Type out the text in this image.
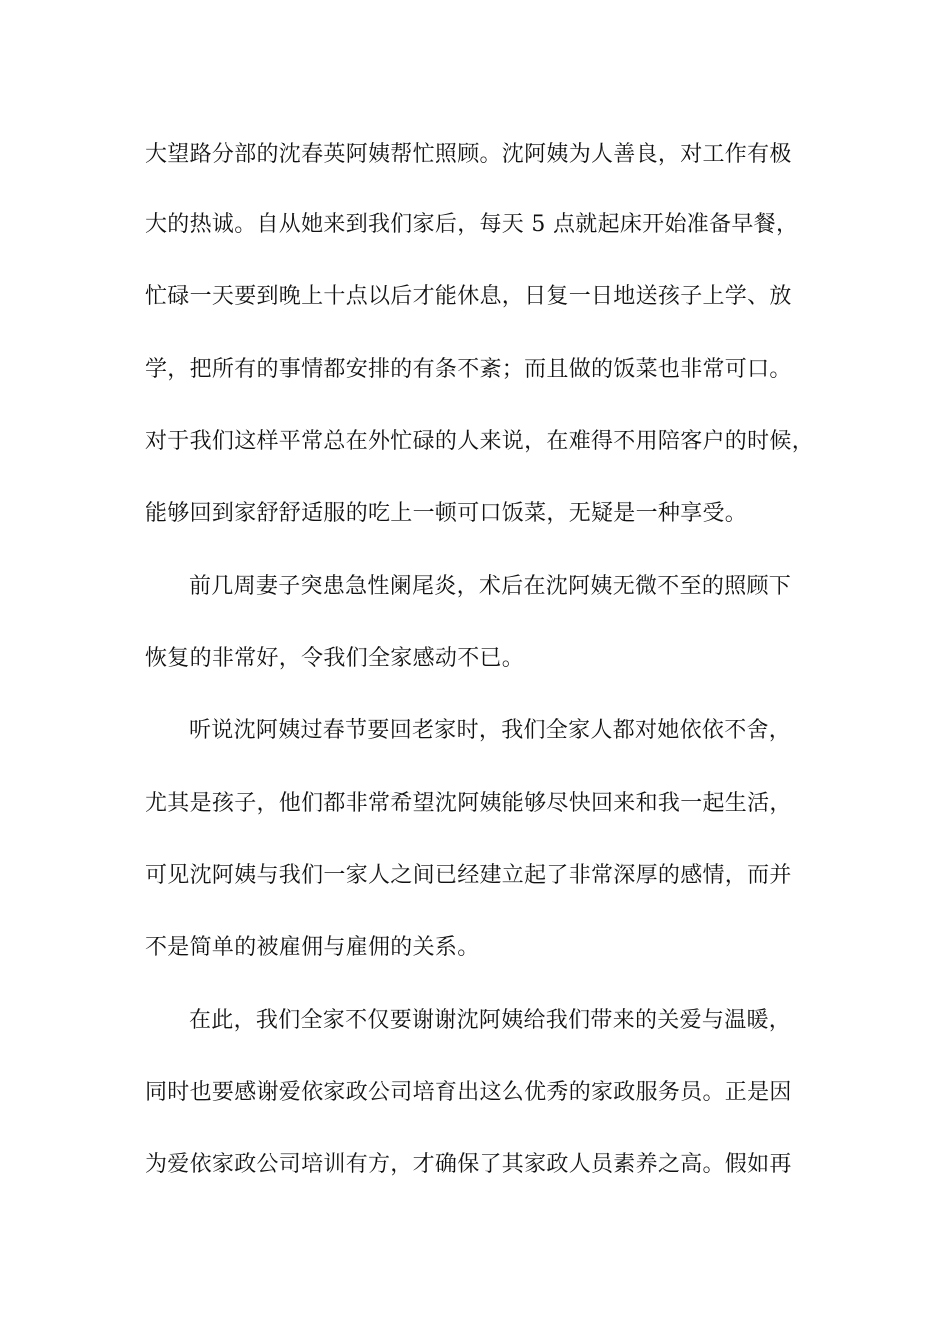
大望路分部的沈春英阿姨帮忙照顾。沈阿姨为人善良，对工作有极
大的热诚。自从她来到我们家后，每天 5 点就起床开始准备早餐，
忙碌一天要到晚上十点以后才能休息，日复一日地送孩子上学、放
学，把所有的事情都安排的有条不紊；而且做的饭菜也非常可口。
对于我们这样平常总在外忙碌的人来说，在难得不用陪客户的时候，
能够回到家舒舒适服的吃上一顿可口饭菜，无疑是一种享受。
前几周妻子突患急性阑尾炎，术后在沈阿姨无微不至的照顾下
恢复的非常好，令我们全家感动不已。
听说沈阿姨过春节要回老家时，我们全家人都对她依依不舍，
尤其是孩子，他们都非常希望沈阿姨能够尽快回来和我一起生活，
可见沈阿姨与我们一家人之间已经建立起了非常深厚的感情，而并
不是简单的被雇佣与雇佣的关系。
在此，我们全家不仅要谢谢沈阿姨给我们带来的关爱与温暖，
同时也要感谢爱依家政公司培育出这么优秀的家政服务员。正是因
为爱依家政公司培训有方，才确保了其家政人员素养之高。假如再
